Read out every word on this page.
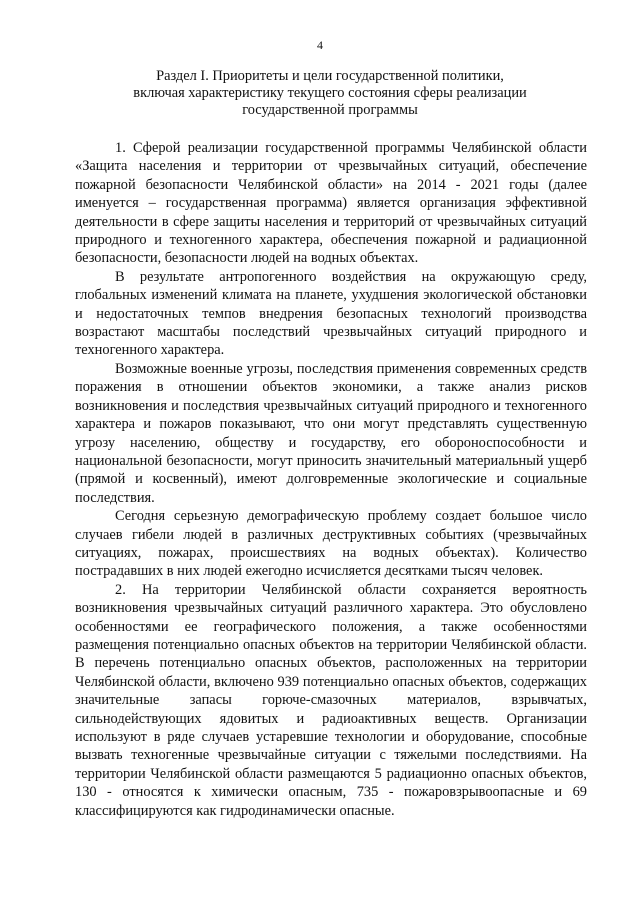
4
Раздел I. Приоритеты и цели государственной политики,
включая характеристику текущего состояния сферы реализации
государственной программы

1. Сферой реализации государственной программы Челябинской области «Защита населения и территории от чрезвычайных ситуаций, обеспечение пожарной безопасности Челябинской области» на 2014 - 2021 годы (далее именуется – государственная программа) является организация эффективной деятельности в сфере защиты населения и территорий от чрезвычайных ситуаций природного и техногенного характера, обеспечения пожарной и радиационной безопасности, безопасности людей на водных объектах.

В результате антропогенного воздействия на окружающую среду, глобальных изменений климата на планете, ухудшения экологической обстановки и недостаточных темпов внедрения безопасных технологий производства возрастают масштабы последствий чрезвычайных ситуаций природного и техногенного характера.

Возможные военные угрозы, последствия применения современных средств поражения в отношении объектов экономики, а также анализ рисков возникновения и последствия чрезвычайных ситуаций природного и техногенного характера и пожаров показывают, что они могут представлять существенную угрозу населению, обществу и государству, его обороноспособности и национальной безопасности, могут приносить значительный материальный ущерб (прямой и косвенный), имеют долговременные экологические и социальные последствия.

Сегодня серьезную демографическую проблему создает большое число случаев гибели людей в различных деструктивных событиях (чрезвычайных ситуациях, пожарах, происшествиях на водных объектах). Количество пострадавших в них людей ежегодно исчисляется десятками тысяч человек.

2. На территории Челябинской области сохраняется вероятность возникновения чрезвычайных ситуаций различного характера. Это обусловлено особенностями ее географического положения, а также особенностями размещения потенциально опасных объектов на территории Челябинской области. В перечень потенциально опасных объектов, расположенных на территории Челябинской области, включено 939 потенциально опасных объектов, содержащих значительные запасы горюче-смазочных материалов, взрывчатых, сильнодействующих ядовитых и радиоактивных веществ. Организации используют в ряде случаев устаревшие технологии и оборудование, способные вызвать техногенные чрезвычайные ситуации с тяжелыми последствиями. На территории Челябинской области размещаются 5 радиационно опасных объектов, 130 - относятся к химически опасным, 735 - пожаровзрывоопасные и 69 классифицируются как гидродинамически опасные.
